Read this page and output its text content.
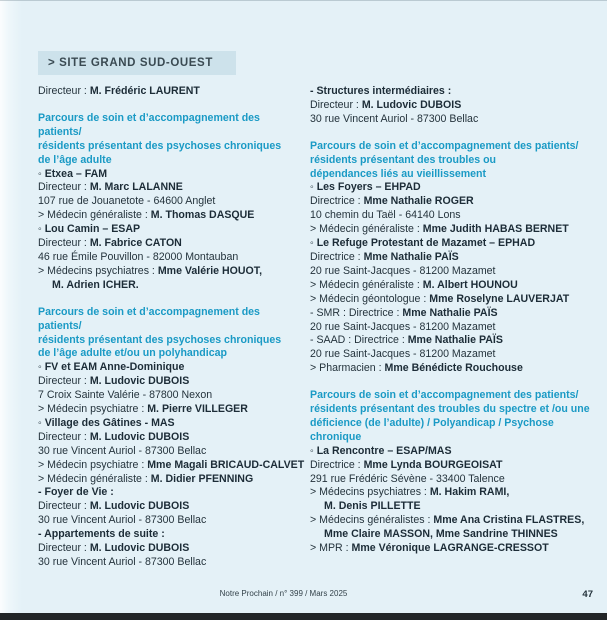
> SITE GRAND SUD-OUEST
Directeur : M. Frédéric LAURENT
Parcours de soin et d’accompagnement des patients/
résidents présentant des psychoses chroniques
de l’âge adulte
◦ Etxea – FAM
Directeur : M. Marc LALANNE
107 rue de Jouanetote - 64600 Anglet
> Médecin généraliste : M. Thomas DASQUE
◦ Lou Camin – ESAP
Directeur : M. Fabrice CATON
46 rue Émile Pouvillon - 82000 Montauban
> Médecins psychiatres : Mme Valérie HOUOT,
M. Adrien ICHER.
Parcours de soin et d’accompagnement des patients/
résidents présentant des psychoses chroniques
de l’âge adulte et/ou un polyhandicap
◦ FV et EAM Anne-Dominique
Directeur : M. Ludovic DUBOIS
7 Croix Sainte Valérie - 87800 Nexon
> Médecin psychiatre : M. Pierre VILLEGER
◦ Village des Gâtines - MAS
Directeur : M. Ludovic DUBOIS
30 rue Vincent Auriol - 87300 Bellac
> Médecin psychiatre : Mme Magali BRICAUD-CALVET
> Médecin généraliste : M. Didier PFENNING
- Foyer de Vie :
Directeur : M. Ludovic DUBOIS
30 rue Vincent Auriol - 87300 Bellac
- Appartements de suite :
Directeur : M. Ludovic DUBOIS
30 rue Vincent Auriol - 87300 Bellac
- Structures intermédiaires :
Directeur : M. Ludovic DUBOIS
30 rue Vincent Auriol - 87300 Bellac
Parcours de soin et d’accompagnement des patients/
résidents présentant des troubles ou
dépendances liés au vieillissement
◦ Les Foyers – EHPAD
Directrice : Mme Nathalie ROGER
10 chemin du Taël - 64140 Lons
> Médecin généraliste : Mme Judith HABAS BERNET
◦ Le Refuge Protestant de Mazamet – EPHAD
Directrice : Mme Nathalie PAÏS
20 rue Saint-Jacques - 81200 Mazamet
> Médecin généraliste : M. Albert HOUNOU
> Médecin géontologue : Mme Roselyne LAUVERJAT
- SMR : Directrice : Mme Nathalie PAÏS
20 rue Saint-Jacques - 81200 Mazamet
- SAAD : Directrice : Mme Nathalie PAÏS
20 rue Saint-Jacques - 81200 Mazamet
> Pharmacien : Mme Bénédicte Rouchouse
Parcours de soin et d’accompagnement des patients/
résidents présentant des troubles du spectre et /ou une
déficience (de l’adulte) / Polyandicap / Psychose chronique
◦ La Rencontre – ESAP/MAS
Directrice : Mme Lynda BOURGEOISAT
291 rue Frédéric Sévène - 33400 Talence
> Médecins psychiatres : M. Hakim RAMI,
M. Denis PILLETTE
> Médecins généralistes : Mme Ana Cristina FLASTRES,
Mme Claire MASSON, Mme Sandrine THINNES
> MPR : Mme Véronique LAGRANGE-CRESSOT
Notre Prochain / n° 399 / Mars 2025	47
